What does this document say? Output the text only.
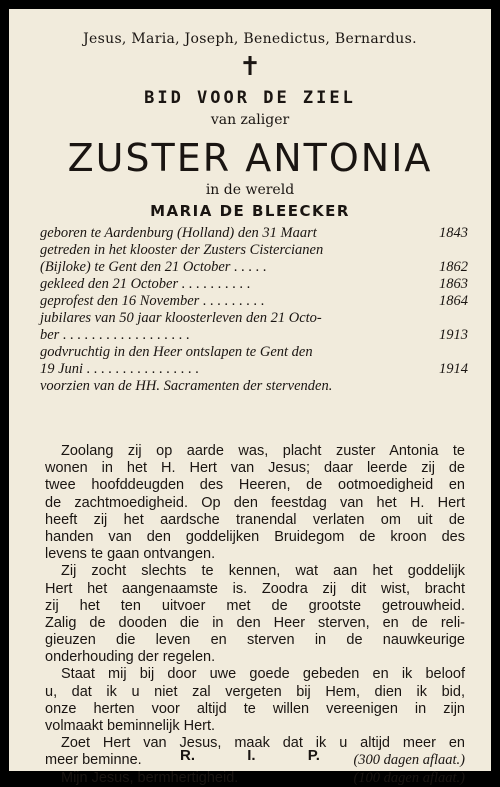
Jesus, Maria, Joseph, Benedictus, Bernardus.
✝
BID VOOR DE ZIEL
van zaliger
ZUSTER ANTONIA
in de wereld
MARIA DE BLEECKER
geboren te Aardenburg (Holland) den 31 Maart	1843
getreden in het klooster der Zusters Cistercianen
(Bijloke) te Gent den 21 October . . . . .	1862
gekleed den 21 October . . . . . . . . . .	1863
geprofest den 16 November . . . . . . . . .	1864
jubilares van 50 jaar kloosterleven den 21 Octo-
ber . . . . . . . . . . . . . . . . . .	1913
godvruchtig in den Heer ontslapen te Gent den
19 Juni . . . . . . . . . . . . . . . .	1914
voorzien van de HH. Sacramenten der stervenden.
Zoolang zij op aarde was, placht zuster Antonia te
wonen in het H. Hert van Jesus; daar leerde zij de
twee hoofddeugden des Heeren, de ootmoedigheid en
de zachtmoedigheid. Op den feestdag van het H. Hert
heeft zij het aardsche tranendal verlaten om uit de
handen van den goddelijken Bruidegom de kroon des
levens te gaan ontvangen.
Zij zocht slechts te kennen, wat aan het goddelijk
Hert het aangenaamste is. Zoodra zij dit wist, bracht
zij het ten uitvoer met de grootste getrouwheid.
Zalig de dooden die in den Heer sterven, en de reli-
gieuzen die leven en sterven in de nauwkeurige
onderhouding der regelen.
Staat mij bij door uwe goede gebeden en ik beloof
u, dat ik u niet zal vergeten bij Hem, dien ik bid,
onze herten voor altijd te willen vereenigen in zijn
volmaakt beminnelijk Hert.
Zoet Hert van Jesus, maak dat ik u altijd meer en
meer beminne.	(300 dagen aflaat.)
Mijn Jesus, bermhertigheid.	(100 dagen aflaat.)
R. I. P.
